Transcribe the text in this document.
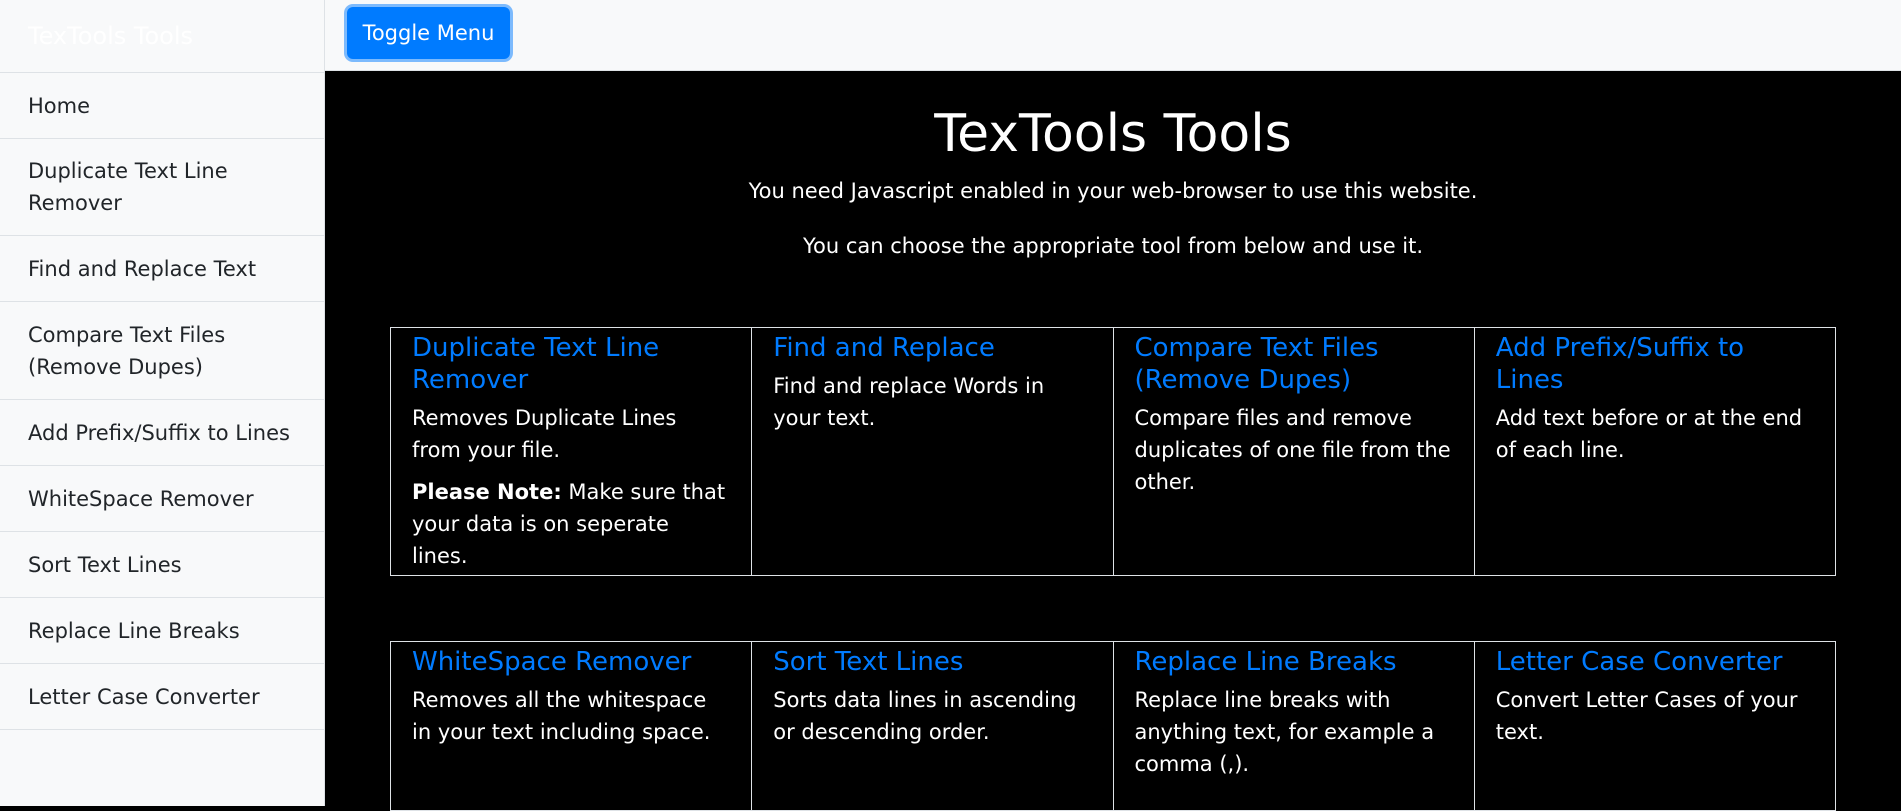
TexTools Tools
Home
Duplicate Text Line Remover
Find and Replace Text
Compare Text Files (Remove Dupes)
Add Prefix/Suffix to Lines
WhiteSpace Remover
Sort Text Lines
Replace Line Breaks
Letter Case Converter
Toggle Menu
TexTools Tools

You need Javascript enabled in your web-browser to use this website.

You can choose the appropriate tool from below and use it.

Duplicate Text Line Remover

Removes Duplicate Lines from your file.

Please Note: Make sure that your data is on seperate lines.

Find and Replace

Find and replace Words in your text.

Compare Text Files (Remove Dupes)

Compare files and remove duplicates of one file from the other.

Add Prefix/Suffix to Lines

Add text before or at the end of each line.

WhiteSpace Remover

Removes all the whitespace in your text including space.

Sort Text Lines

Sorts data lines in ascending or descending order.

Replace Line Breaks

Replace line breaks with anything text, for example a comma (,).

Letter Case Converter

Convert Letter Cases of your text.
